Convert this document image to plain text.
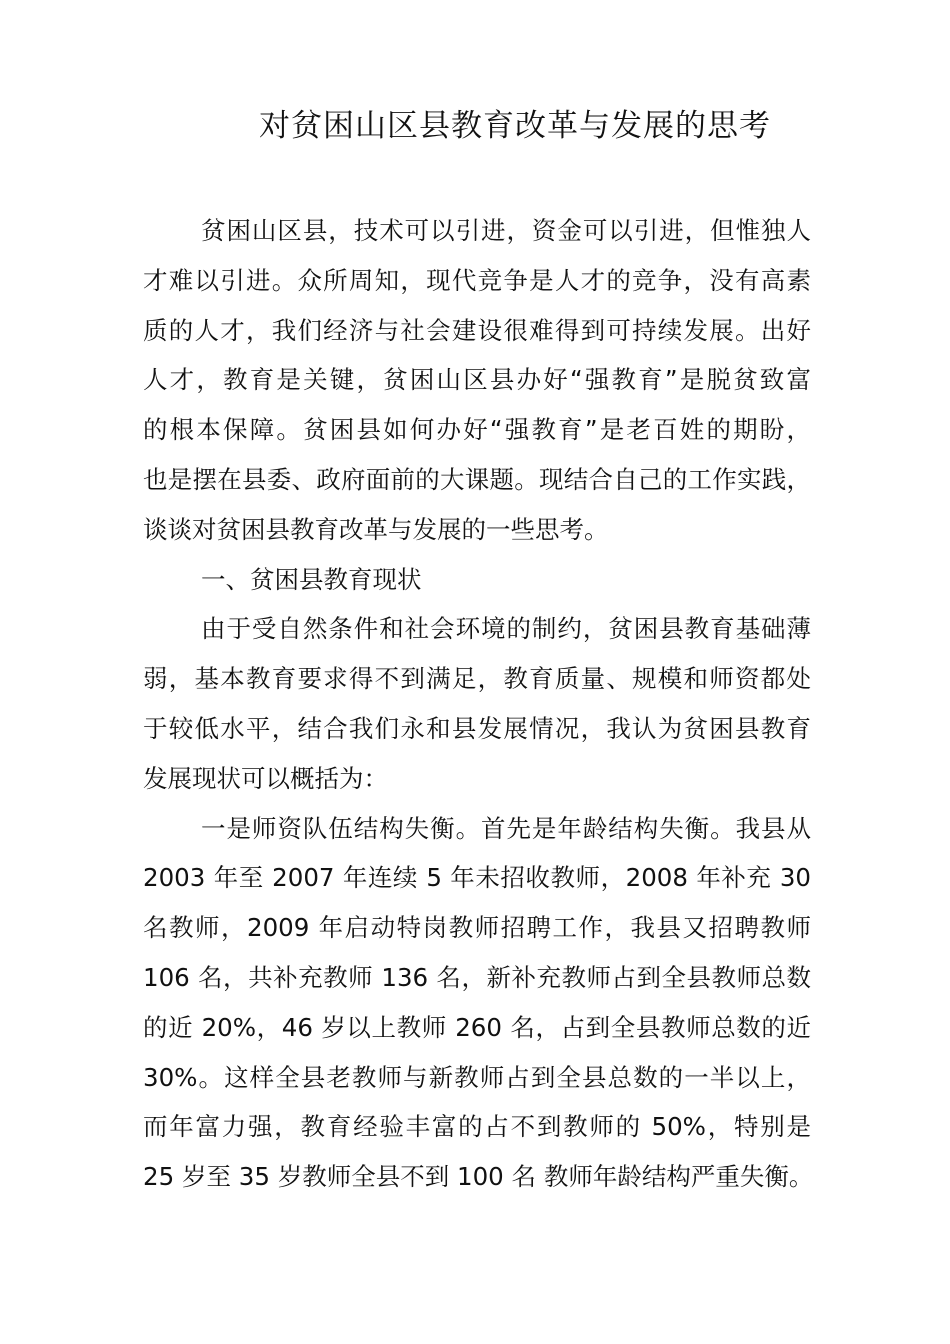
对贫困山区县教育改革与发展的思考
贫困山区县，技术可以引进，资金可以引进，但惟独人
才难以引进。众所周知，现代竞争是人才的竞争，没有高素
质的人才，我们经济与社会建设很难得到可持续发展。出好
人才，教育是关键，贫困山区县办好“强教育”是脱贫致富
的根本保障。贫困县如何办好“强教育”是老百姓的期盼，
也是摆在县委、政府面前的大课题。现结合自己的工作实践，
谈谈对贫困县教育改革与发展的一些思考。
一、贫困县教育现状
由于受自然条件和社会环境的制约，贫困县教育基础薄
弱，基本教育要求得不到满足，教育质量、规模和师资都处
于较低水平，结合我们永和县发展情况，我认为贫困县教育
发展现状可以概括为：
一是师资队伍结构失衡。首先是年龄结构失衡。我县从
2003 年至 2007 年连续 5 年未招收教师，2008 年补充 30
名教师，2009 年启动特岗教师招聘工作，我县又招聘教师
106 名，共补充教师 136 名，新补充教师占到全县教师总数
的近 20%，46 岁以上教师 260 名，占到全县教师总数的近
30%。这样全县老教师与新教师占到全县总数的一半以上，
而年富力强，教育经验丰富的占不到教师的 50%，特别是
25 岁至 35 岁教师全县不到 100 名 教师年龄结构严重失衡。
